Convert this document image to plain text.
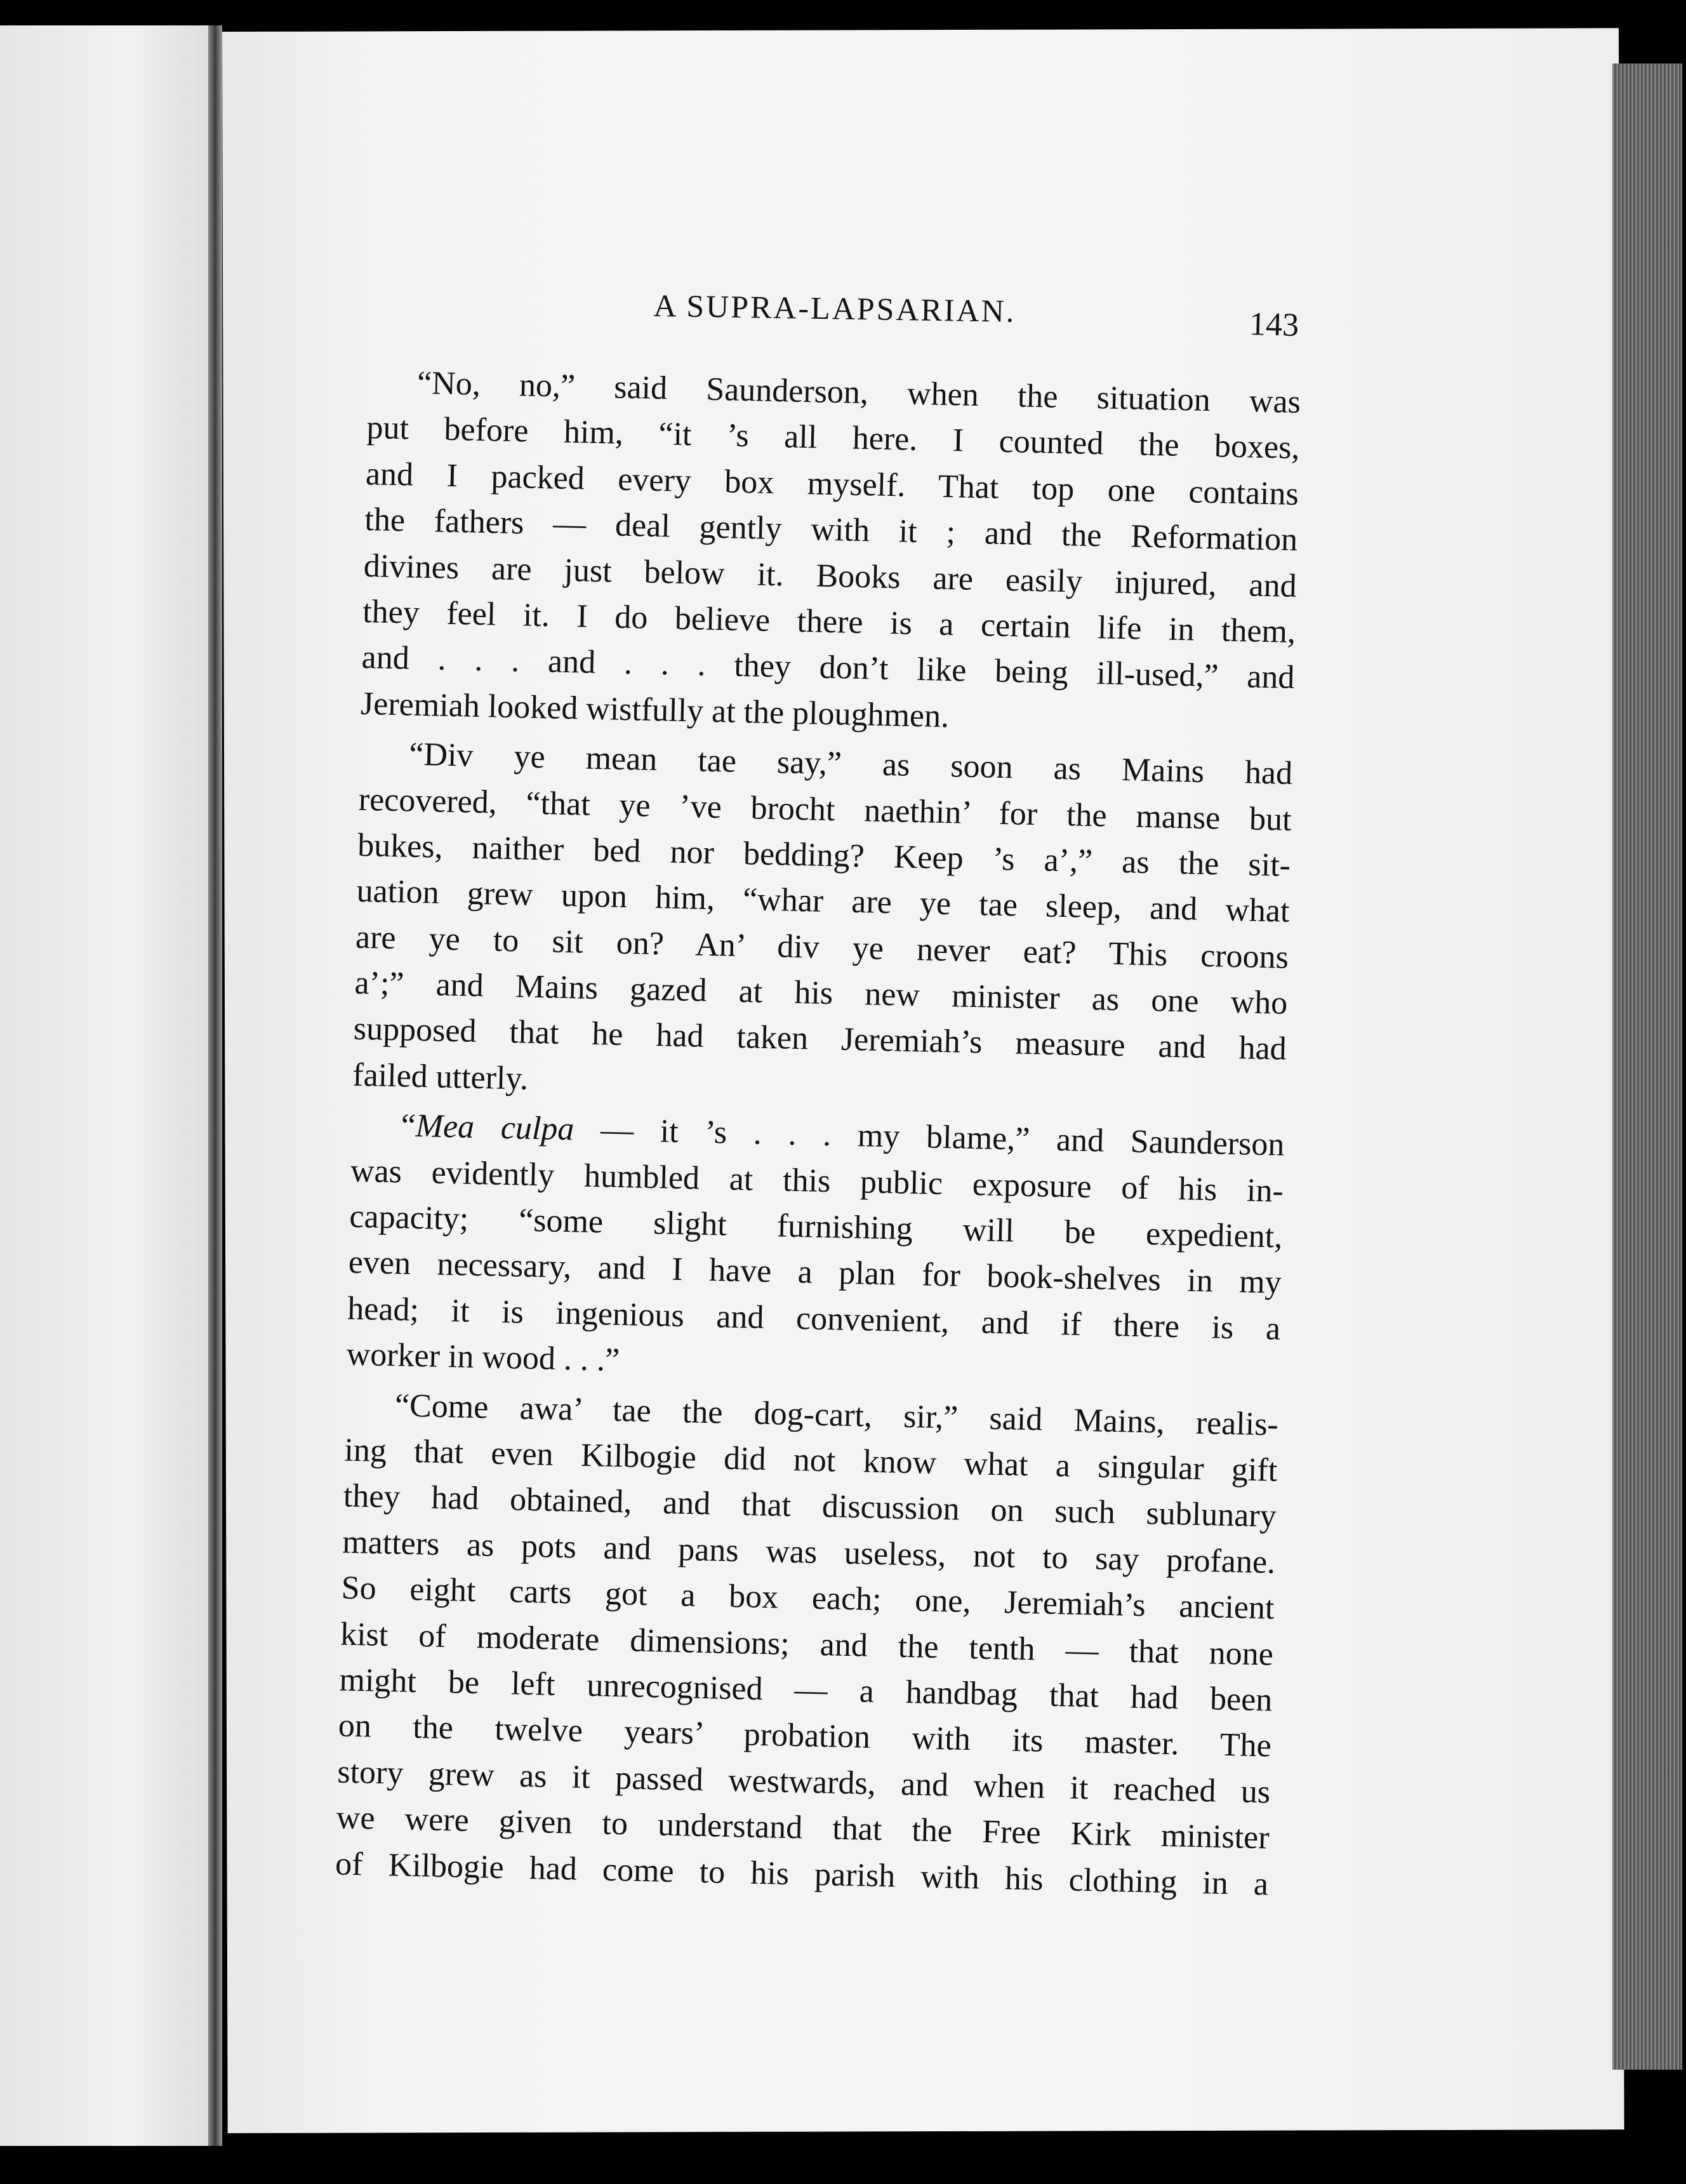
A SUPRA-LAPSARIAN.	143
“No, no,” said Saunderson, when the situation was
put before him, “it ’s all here. I counted the boxes,
and I packed every box myself. That top one contains
the fathers — deal gently with it ; and the Reformation
divines are just below it. Books are easily injured, and
they feel it. I do believe there is a certain life in them,
and . . . and . . . they don’t like being ill-used,” and
Jeremiah looked wistfully at the ploughmen.
“Div ye mean tae say,” as soon as Mains had
recovered, “that ye ’ve brocht naethin’ for the manse but
bukes, naither bed nor bedding? Keep ’s a’,” as the sit-
uation grew upon him, “whar are ye tae sleep, and what
are ye to sit on? An’ div ye never eat? This croons
a’;” and Mains gazed at his new minister as one who
supposed that he had taken Jeremiah’s measure and had
failed utterly.
“Mea culpa — it ’s . . . my blame,” and Saunderson
was evidently humbled at this public exposure of his in-
capacity; “some slight furnishing will be expedient,
even necessary, and I have a plan for book-shelves in my
head; it is ingenious and convenient, and if there is a
worker in wood . . .”
“Come awa’ tae the dog-cart, sir,” said Mains, realis-
ing that even Kilbogie did not know what a singular gift
they had obtained, and that discussion on such sublunary
matters as pots and pans was useless, not to say profane.
So eight carts got a box each; one, Jeremiah’s ancient
kist of moderate dimensions; and the tenth — that none
might be left unrecognised — a handbag that had been
on the twelve years’ probation with its master. The
story grew as it passed westwards, and when it reached us
we were given to understand that the Free Kirk minister
of Kilbogie had come to his parish with his clothing in a
